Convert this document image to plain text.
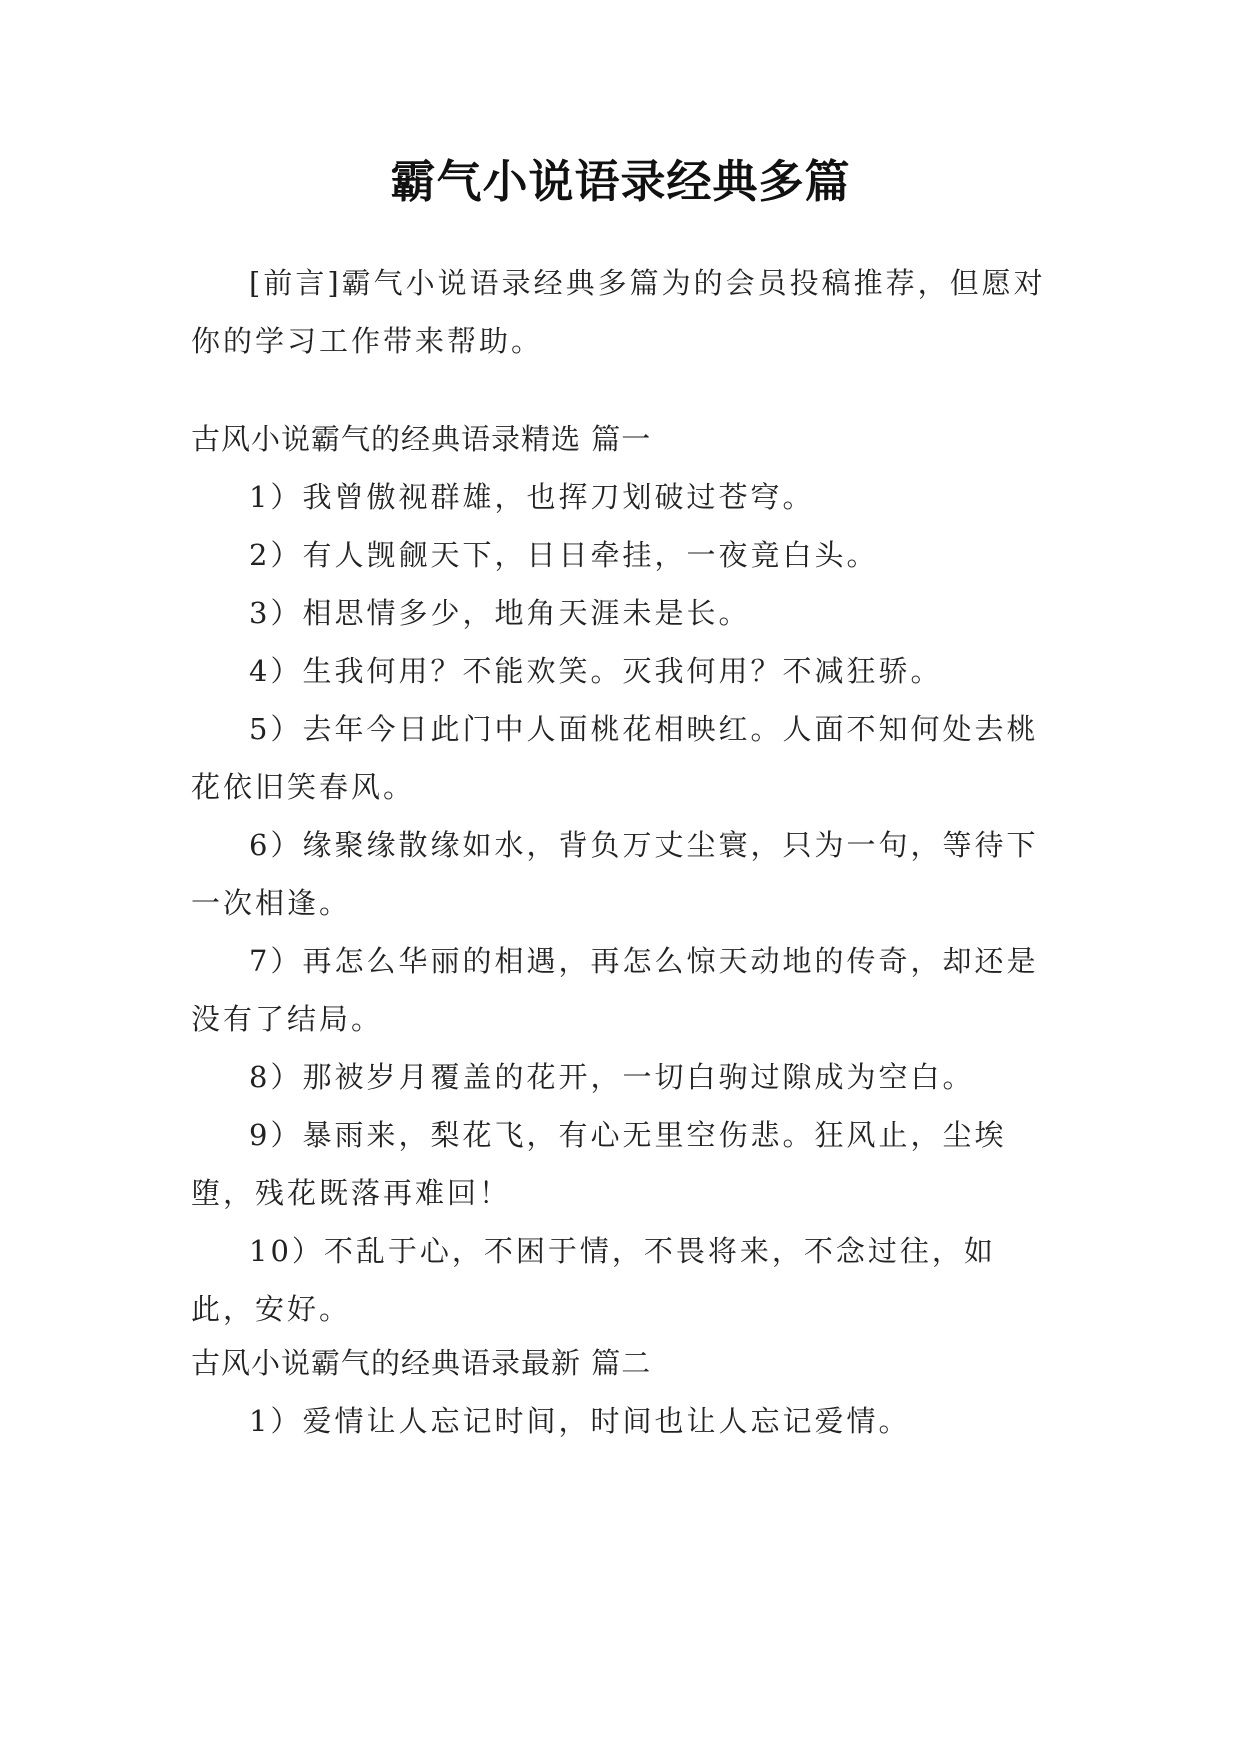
霸气小说语录经典多篇

[前言]霸气小说语录经典多篇为的会员投稿推荐，但愿对你的学习工作带来帮助。

古风小说霸气的经典语录精选 篇一
1）我曾傲视群雄，也挥刀划破过苍穹。
2）有人觊觎天下，日日牵挂，一夜竟白头。
3）相思情多少，地角天涯未是长。
4）生我何用？不能欢笑。灭我何用？不减狂骄。
5）去年今日此门中人面桃花相映红。人面不知何处去桃花依旧笑春风。
6）缘聚缘散缘如水，背负万丈尘寰，只为一句，等待下一次相逢。
7）再怎么华丽的相遇，再怎么惊天动地的传奇，却还是没有了结局。
8）那被岁月覆盖的花开，一切白驹过隙成为空白。
9）暴雨来，梨花飞，有心无里空伤悲。狂风止，尘埃堕，残花既落再难回！
10）不乱于心，不困于情，不畏将来，不念过往，如此，安好。
古风小说霸气的经典语录最新 篇二
1）爱情让人忘记时间，时间也让人忘记爱情。
